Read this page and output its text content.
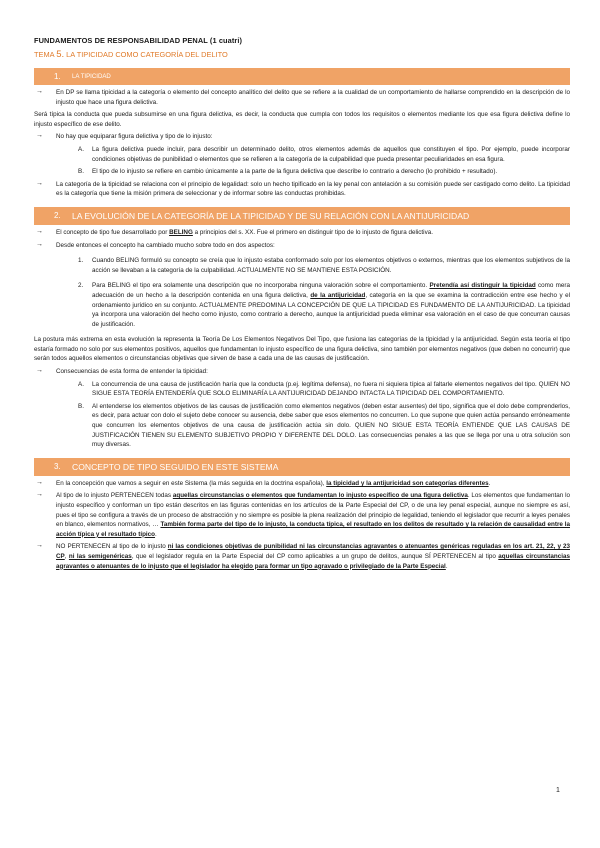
FUNDAMENTOS DE RESPONSABILIDAD PENAL (1 cuatri)
TEMA 5. LA TIPICIDAD COMO CATEGORÍA DEL DELITO
1.	LA TIPICIDAD
→	En DP se llama tipicidad a la categoría o elemento del concepto analítico del delito que se refiere a la cualidad de un comportamiento de hallarse comprendido en la descripción de lo injusto que hace una figura delictiva.

Será típica la conducta que pueda subsumirse en una figura delictiva, es decir, la conducta que cumpla con todos los requisitos o elementos mediante los que esa figura delictiva define lo injusto específico de ese delito.

→	No hay que equiparar figura delictiva y tipo de lo injusto:

A.	La figura delictiva puede incluir, para describir un determinado delito, otros elementos además de aquellos que constituyen el tipo. Por ejemplo, puede incorporar condiciones objetivas de punibilidad o elementos que se refieren a la categoría de la culpabilidad que pueda presentar peculiaridades en esa figura.

B.	El tipo de lo injusto se refiere en cambio únicamente a la parte de la figura delictiva que describe lo contrario a derecho (lo prohibido + resultado).

→	La categoría de la tipicidad se relaciona con el principio de legalidad: solo un hecho tipificado en la ley penal con antelación a su comisión puede ser castigado como delito. La tipicidad es la categoría que tiene la misión primera de seleccionar y de informar sobre las conductas prohibidas.

2.	LA EVOLUCIÓN DE LA CATEGORÍA DE LA TIPICIDAD Y DE SU RELACIÓN CON LA ANTIJURICIDAD
→	El concepto de tipo fue desarrollado por BELING a principios del s. XX. Fue el primero en distinguir tipo de lo injusto de figura delictiva.

→	Desde entonces el concepto ha cambiado mucho sobre todo en dos aspectos:

1.	Cuando BELING formuló su concepto se creía que lo injusto estaba conformado solo por los elementos objetivos o externos, mientras que los elementos subjetivos de la acción se llevaban a la categoría de la culpabilidad. ACTUALMENTE NO SE MANTIENE ESTA POSICIÓN.

2.	Para BELING el tipo era solamente una descripción que no incorporaba ninguna valoración sobre el comportamiento. Pretendía así distinguir la tipicidad como mera adecuación de un hecho a la descripción contenida en una figura delictiva, de la antijuricidad, categoría en la que se examina la contradicción entre ese hecho y el ordenamiento jurídico en su conjunto. ACTUALMENTE PREDOMINA LA CONCEPCIÓN DE QUE LA TIPICIDAD ES FUNDAMENTO DE LA ANTIJURICIDAD. La tipicidad ya incorpora una valoración del hecho como injusto, como contrario a derecho, aunque la antijuricidad pueda eliminar esa valoración en el caso de que concurran causas de justificación.

La postura más extrema en esta evolución la representa la Teoría De Los Elementos Negativos Del Tipo, que fusiona las categorías de la tipicidad y la antijuricidad. Según esta teoría el tipo estaría formado no solo por sus elementos positivos, aquellos que fundamentan lo injusto específico de una figura delictiva, sino también por elementos negativos (que deben no concurrir) que serán todos aquellos elementos o circunstancias objetivas que sirven de base a cada una de las causas de justificación.

→	Consecuencias de esta forma de entender la tipicidad:

A.	La concurrencia de una causa de justificación haría que la conducta (p.ej. legítima defensa), no fuera ni siquiera típica al faltarle elementos negativos del tipo. QUIEN NO SIGUE ESTA TEORÍA ENTENDERÍA QUE SOLO ELIMINARÍA LA ANTIJURICIDAD DEJANDO INTACTA LA TIPICIDAD DEL COMPORTAMIENTO.

B.	Al entenderse los elementos objetivos de las causas de justificación como elementos negativos (deben estar ausentes) del tipo, significa que el dolo debe comprenderlos, es decir, para actuar con dolo el sujeto debe conocer su ausencia, debe saber que esos elementos no concurren. Lo que supone que quien actúa pensando erróneamente que concurren los elementos objetivos de una causa de justificación actúa sin dolo. QUIEN NO SIGUE ESTA TEORÍA ENTIENDE QUE LAS CAUSAS DE JUSTIFICACIÓN TIENEN SU ELEMENTO SUBJETIVO PROPIO Y DIFERENTE DEL DOLO. Las consecuencias penales a las que se llega por una u otra solución son muy diversas.

3.	CONCEPTO DE TIPO SEGUIDO EN ESTE SISTEMA
→	En la concepción que vamos a seguir en este Sistema (la más seguida en la doctrina española), la tipicidad y la antijuricidad son categorías diferentes.

→	Al tipo de lo injusto PERTENECEN todas aquellas circunstancias o elementos que fundamentan lo injusto específico de una figura delictiva. Los elementos que fundamentan lo injusto específico y conforman un tipo están descritos en las figuras contenidas en los artículos de la Parte Especial del CP, o de una ley penal especial, aunque no siempre es así, pues el tipo se configura a través de un proceso de abstracción y no siempre es posible la plena realización del principio de legalidad, teniendo el legislador que recurrir a leyes penales en blanco, elementos normativos, … También forma parte del tipo de lo injusto, la conducta típica, el resultado en los delitos de resultado y la relación de causalidad entre la acción típica y el resultado típico.

→	NO PERTENECEN al tipo de lo injusto ni las condiciones objetivas de punibilidad ni las circunstancias agravantes o atenuantes genéricas reguladas en los art. 21, 22, y 23 CP, ni las semigenéricas, que el legislador regula en la Parte Especial del CP como aplicables a un grupo de delitos, aunque SÍ PERTENECEN al tipo aquellas circunstancias agravantes o atenuantes de lo injusto que el legislador ha elegido para formar un tipo agravado o privilegiado de la Parte Especial.

1
